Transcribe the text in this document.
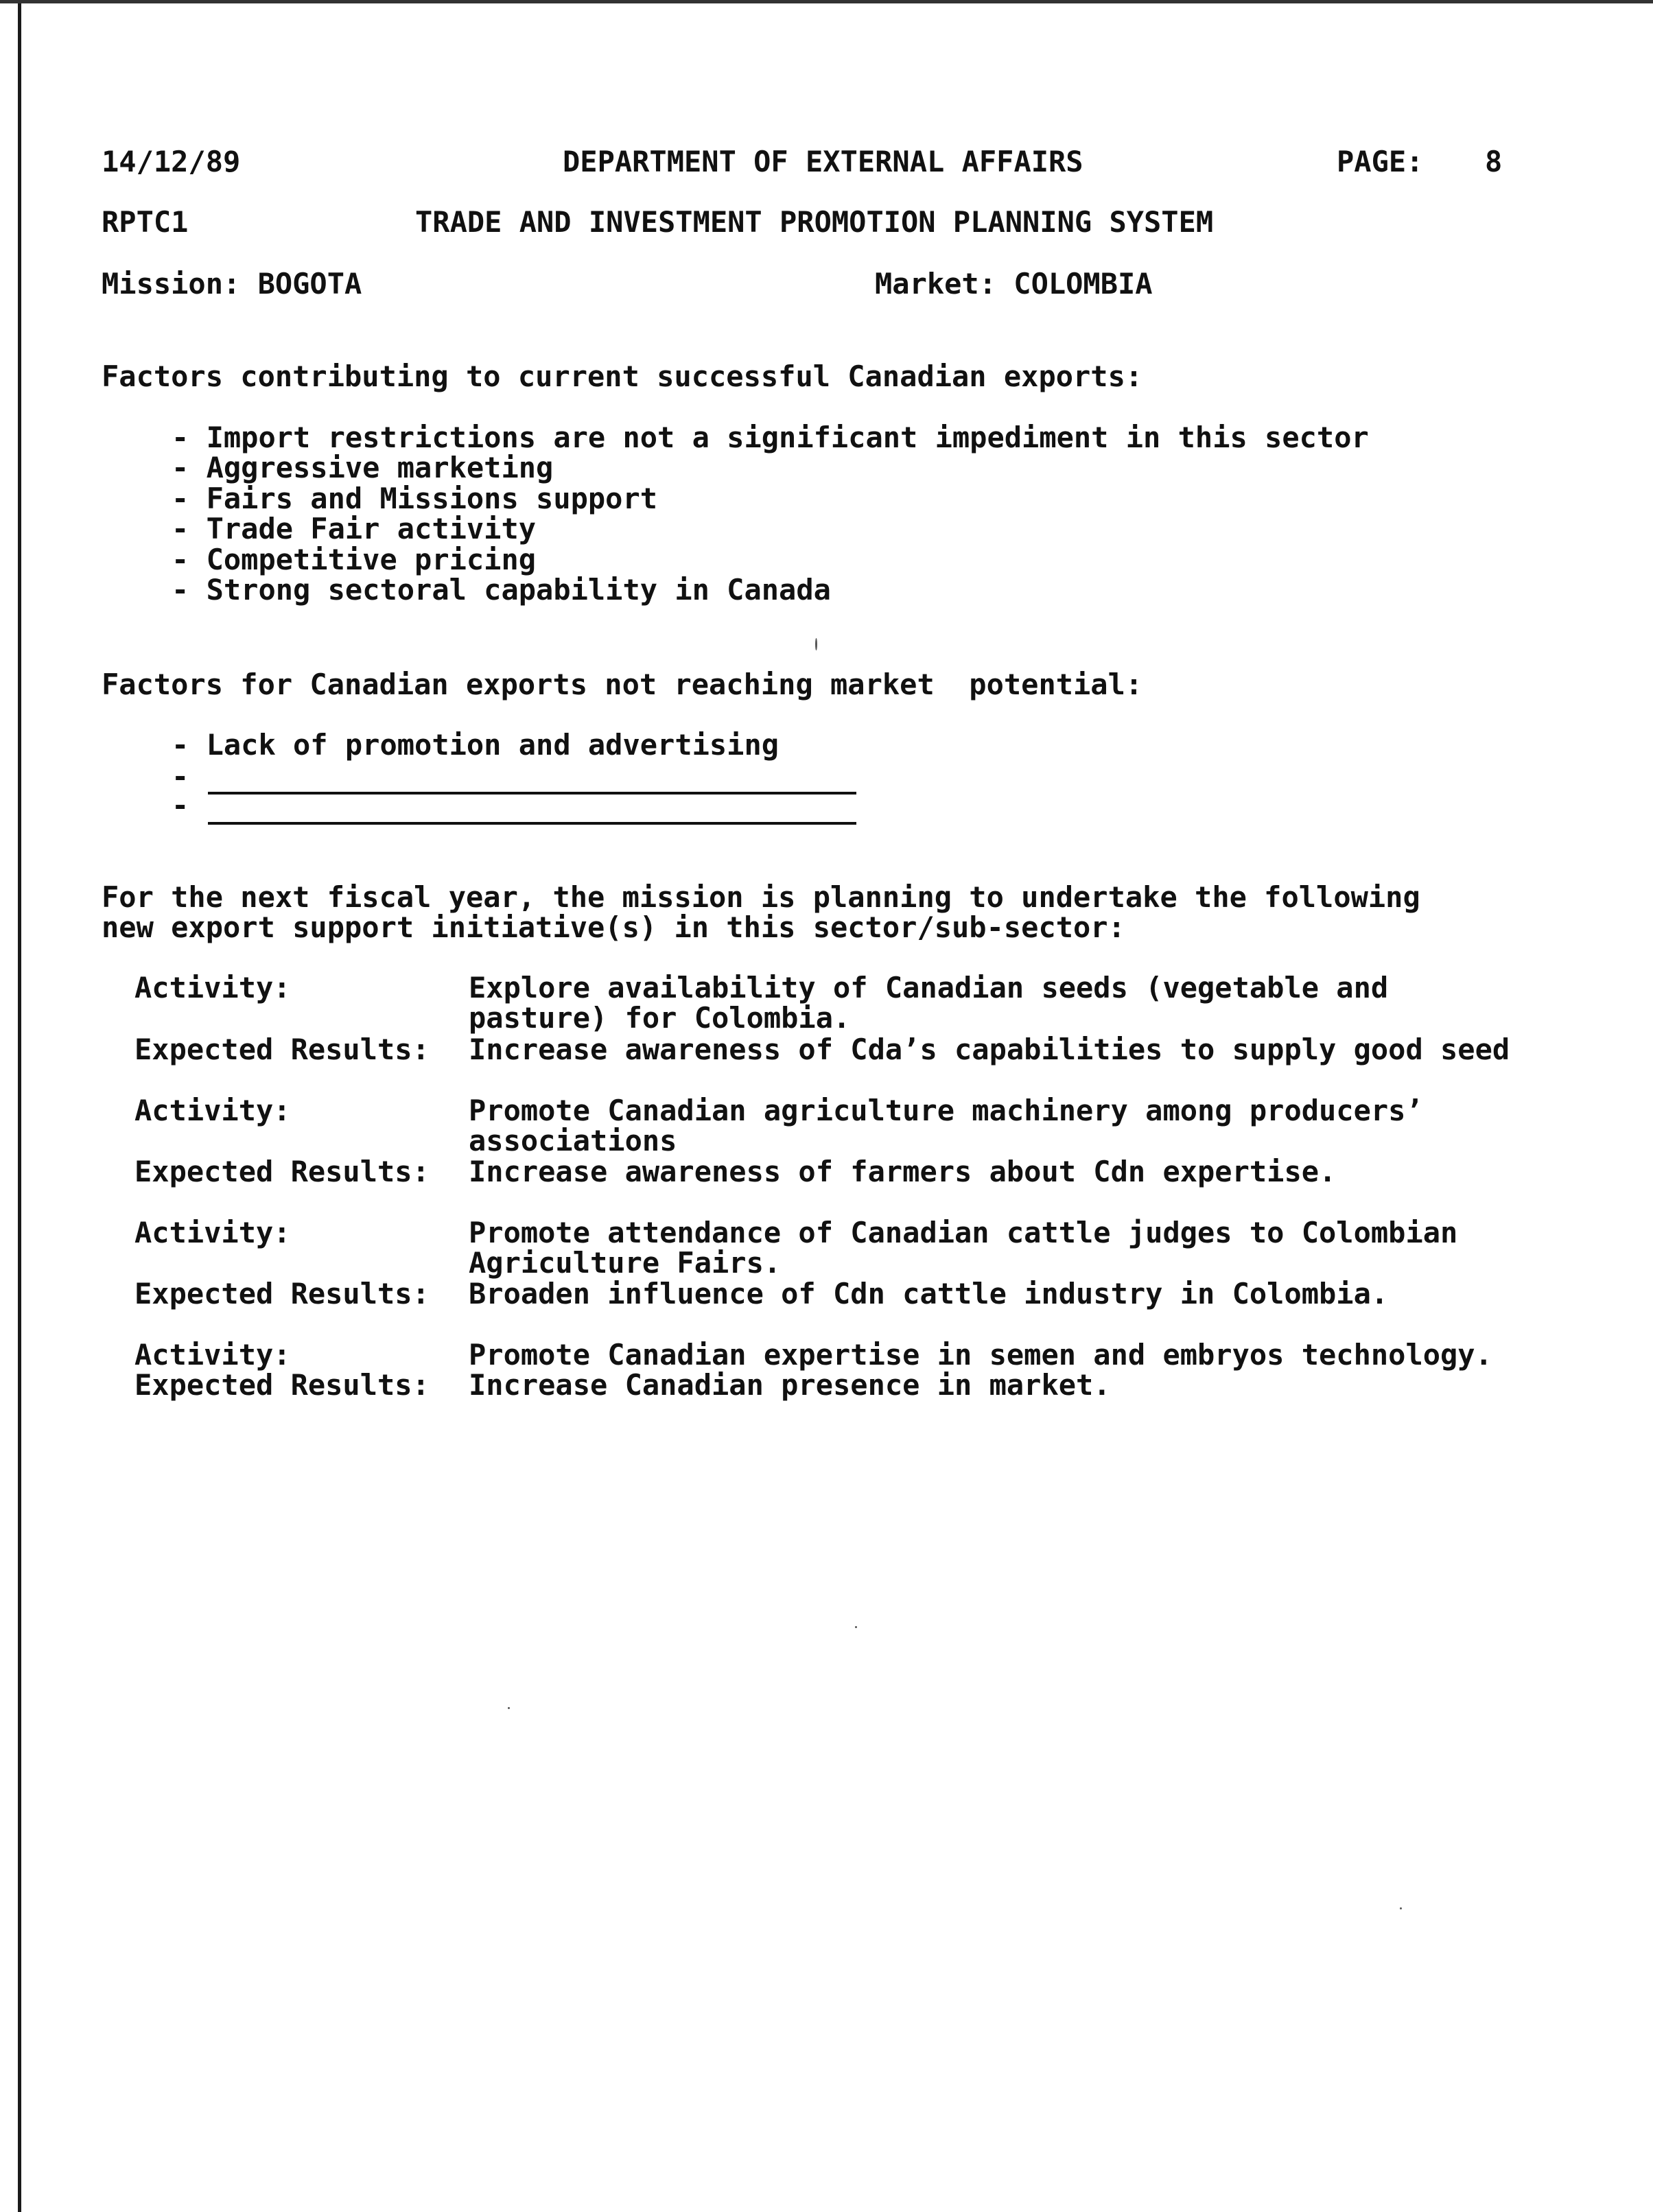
14/12/89	DEPARTMENT OF EXTERNAL AFFAIRS	PAGE: 8
RPTC1	TRADE AND INVESTMENT PROMOTION PLANNING SYSTEM
Mission: BOGOTA	Market: COLOMBIA
Factors contributing to current successful Canadian exports:
- Import restrictions are not a significant impediment in this sector
- Aggressive marketing
- Fairs and Missions support
- Trade Fair activity
- Competitive pricing
- Strong sectoral capability in Canada
Factors for Canadian exports not reaching market  potential:
- Lack of promotion and advertising
-
-
For the next fiscal year, the mission is planning to undertake the following
new export support initiative(s) in this sector/sub-sector:
Activity:	Explore availability of Canadian seeds (vegetable and pasture) for Colombia.
Expected Results: Increase awareness of Cda’s capabilities to supply good seed
Activity:	Promote Canadian agriculture machinery among producers’ associations
Expected Results: Increase awareness of farmers about Cdn expertise.
Activity:	Promote attendance of Canadian cattle judges to Colombian Agriculture Fairs.
Expected Results: Broaden influence of Cdn cattle industry in Colombia.
Activity:	Promote Canadian expertise in semen and embryos technology.
Expected Results: Increase Canadian presence in market.
